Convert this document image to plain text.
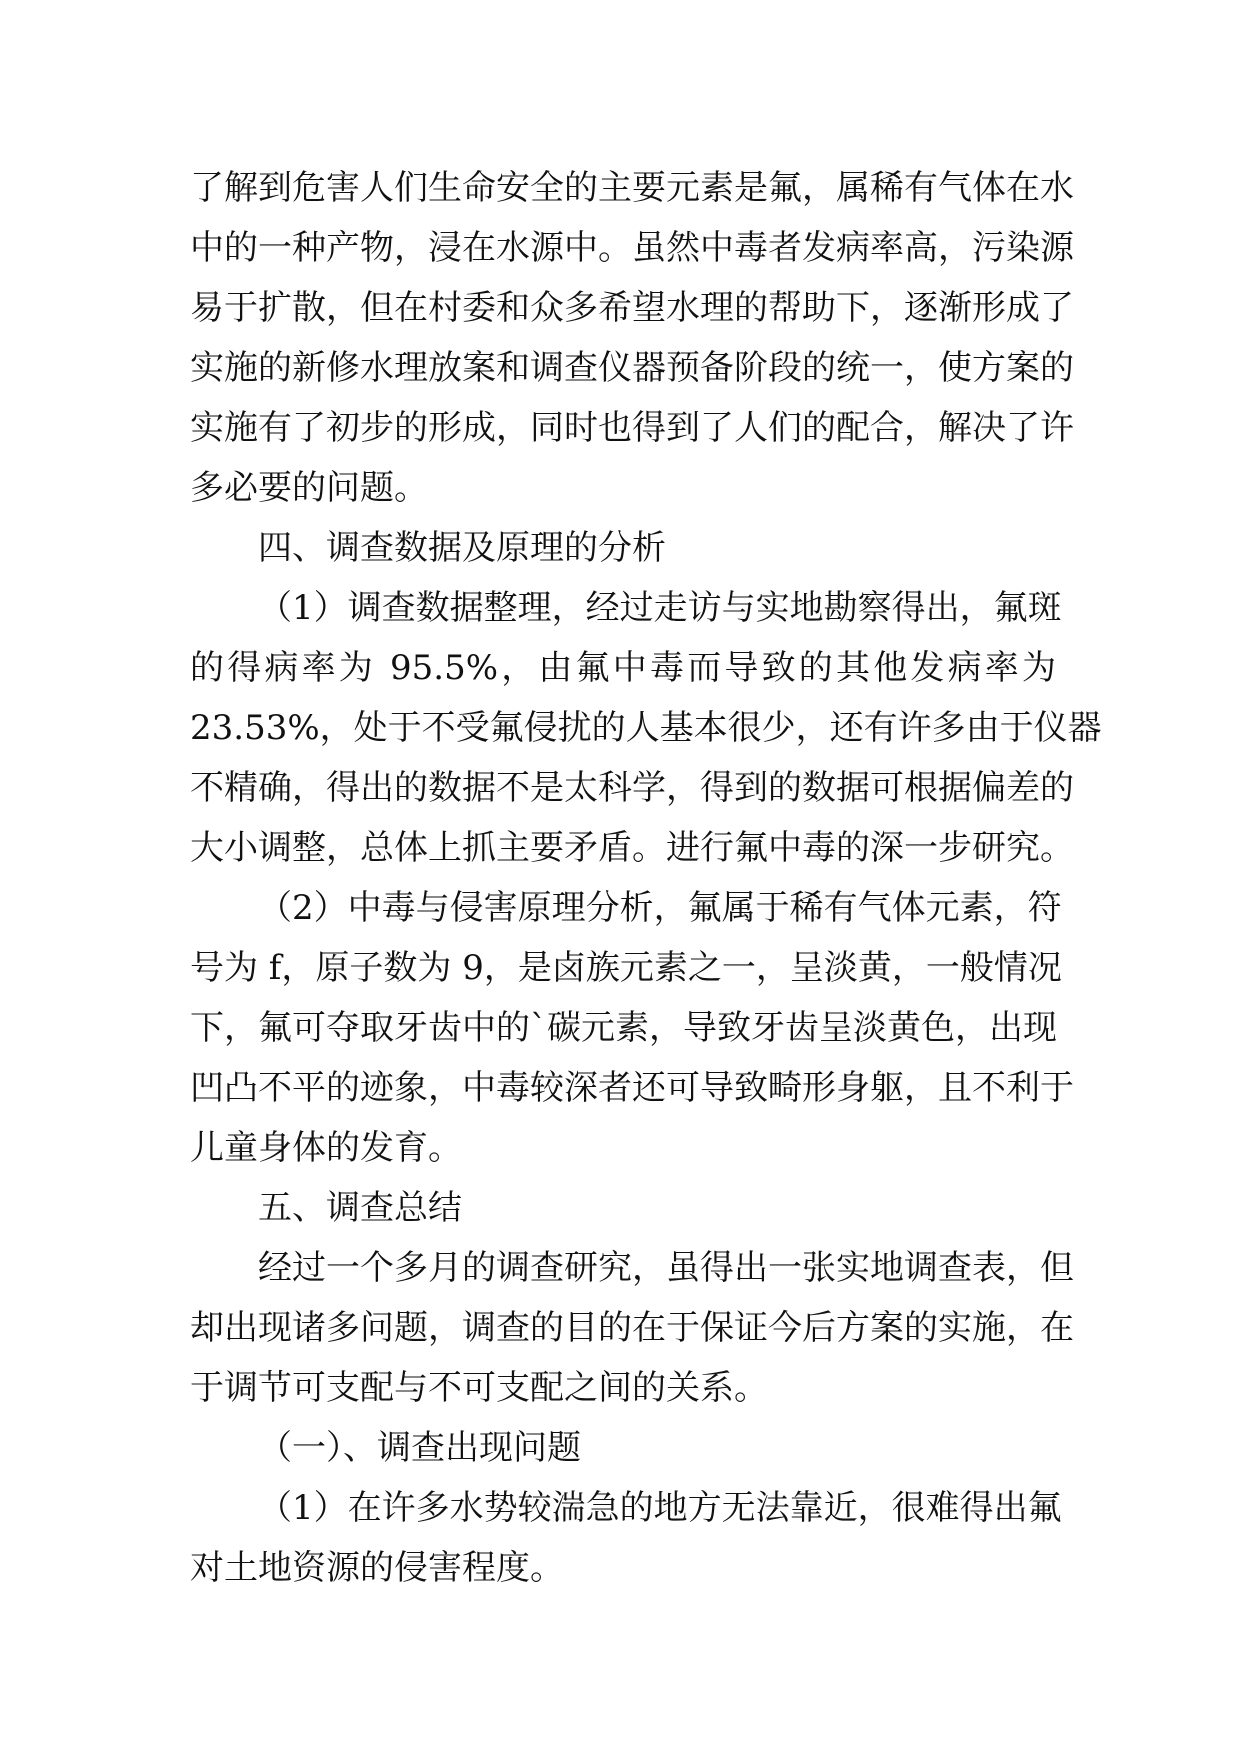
了解到危害人们生命安全的主要元素是氟，属稀有气体在水
中的一种产物，浸在水源中。虽然中毒者发病率高，污染源
易于扩散，但在村委和众多希望水理的帮助下，逐渐形成了
实施的新修水理放案和调查仪器预备阶段的统一，使方案的
实施有了初步的形成，同时也得到了人们的配合，解决了许
多必要的问题。
四、调查数据及原理的分析
（1）调查数据整理，经过走访与实地勘察得出，氟斑
的得病率为 95.5%，由氟中毒而导致的其他发病率为
23.53%，处于不受氟侵扰的人基本很少，还有许多由于仪器
不精确，得出的数据不是太科学，得到的数据可根据偏差的
大小调整，总体上抓主要矛盾。进行氟中毒的深一步研究。
（2）中毒与侵害原理分析，氟属于稀有气体元素，符
号为 f，原子数为 9，是卤族元素之一，呈淡黄，一般情况
下，氟可夺取牙齿中的`碳元素，导致牙齿呈淡黄色，出现
凹凸不平的迹象，中毒较深者还可导致畸形身躯，且不利于
儿童身体的发育。
五、调查总结
经过一个多月的调查研究，虽得出一张实地调查表，但
却出现诸多问题，调查的目的在于保证今后方案的实施，在
于调节可支配与不可支配之间的关系。
（一）、调查出现问题
（1）在许多水势较湍急的地方无法靠近，很难得出氟
对土地资源的侵害程度。
